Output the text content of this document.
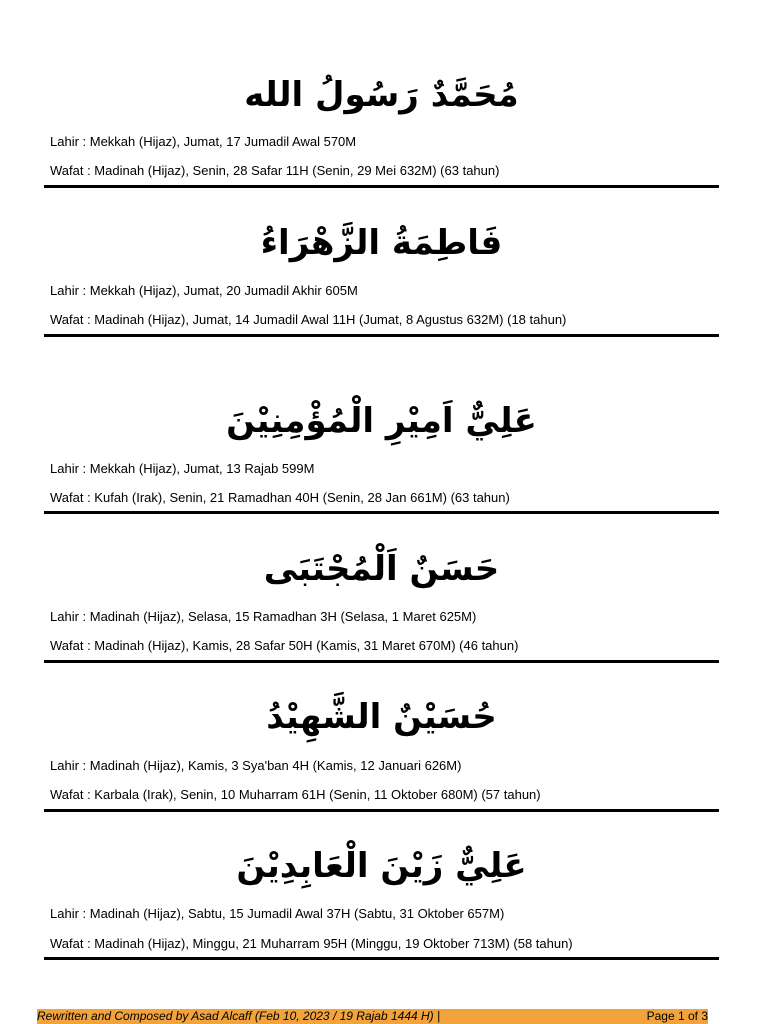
مُحَمَّدٌ رَسُولُ الله
Lahir : Mekkah (Hijaz), Jumat, 17 Jumadil Awal 570M
Wafat : Madinah (Hijaz), Senin, 28 Safar 11H (Senin, 29 Mei 632M) (63 tahun)
فَاطِمَةُ الزَّهْرَاءُ
Lahir : Mekkah (Hijaz), Jumat, 20 Jumadil Akhir 605M
Wafat : Madinah (Hijaz), Jumat, 14 Jumadil Awal 11H (Jumat, 8 Agustus 632M) (18 tahun)
عَلِيٌّ اَمِيْرِ الْمُؤْمِنِيْنَ
Lahir : Mekkah (Hijaz), Jumat, 13 Rajab 599M
Wafat : Kufah (Irak), Senin, 21 Ramadhan 40H (Senin, 28 Jan 661M) (63 tahun)
حَسَنٌ اَلْمُجْتَبَى
Lahir : Madinah (Hijaz), Selasa, 15 Ramadhan 3H (Selasa, 1 Maret 625M)
Wafat : Madinah (Hijaz), Kamis, 28 Safar 50H (Kamis, 31 Maret 670M) (46 tahun)
حُسَيْنٌ الشَّهِيْدُ
Lahir : Madinah (Hijaz), Kamis, 3 Sya'ban 4H (Kamis, 12 Januari 626M)
Wafat : Karbala (Irak), Senin, 10 Muharram 61H (Senin, 11 Oktober 680M) (57 tahun)
عَلِيٌّ زَيْنَ الْعَابِدِيْنَ
Lahir : Madinah (Hijaz), Sabtu, 15 Jumadil Awal 37H (Sabtu, 31 Oktober 657M)
Wafat : Madinah (Hijaz), Minggu, 21 Muharram 95H (Minggu, 19 Oktober 713M) (58 tahun)
Rewritten and Composed by Asad Alcaff (Feb 10, 2023 / 19 Rajab 1444 H) |	Page 1 of 3
